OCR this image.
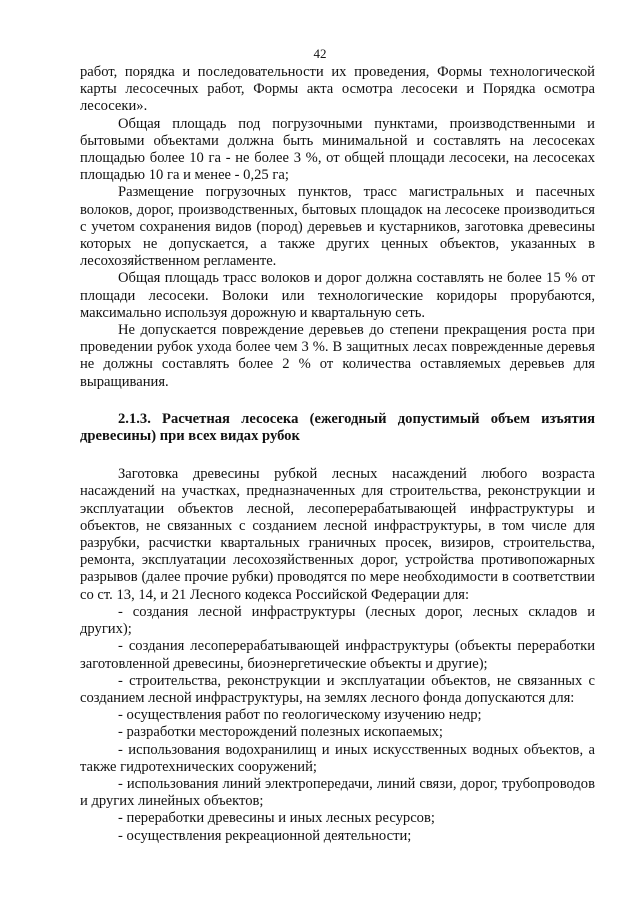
42

работ, порядка и последовательности их проведения, Формы технологической карты лесосечных работ, Формы акта осмотра лесосеки и Порядка осмотра лесосеки».

Общая площадь под погрузочными пунктами, производственными и бытовыми объектами должна быть минимальной и составлять на лесосеках площадью более 10 га - не более 3 %, от общей площади лесосеки, на лесосеках площадью 10 га и менее - 0,25 га;

Размещение погрузочных пунктов, трасс магистральных и пасечных волоков, дорог, производственных, бытовых площадок на лесосеке производиться с учетом сохранения видов (пород) деревьев и кустарников, заготовка древесины которых не допускается, а также других ценных объектов, указанных в лесохозяйственном регламенте.

Общая площадь трасс волоков и дорог должна составлять не более 15 % от площади лесосеки. Волоки или технологические коридоры прорубаются, максимально используя дорожную и квартальную сеть.

Не допускается повреждение деревьев до степени прекращения роста при проведении рубок ухода более чем 3 %. В защитных лесах поврежденные деревья не должны составлять более 2 % от количества оставляемых деревьев для выращивания.

2.1.3. Расчетная лесосека (ежегодный допустимый объем изъятия древесины) при всех видах рубок

Заготовка древесины рубкой лесных насаждений любого возраста насаждений на участках, предназначенных для строительства, реконструкции и эксплуатации объектов лесной, лесоперерабатывающей инфраструктуры и объектов, не связанных с созданием лесной инфраструктуры, в том числе для разрубки, расчистки квартальных граничных просек, визиров, строительства, ремонта, эксплуатации лесохозяйственных дорог, устройства противопожарных разрывов (далее прочие рубки) проводятся по мере необходимости в соответствии со ст. 13, 14, и 21 Лесного кодекса Российской Федерации для:

- создания лесной инфраструктуры (лесных дорог, лесных складов и других);

- создания лесоперерабатывающей инфраструктуры (объекты переработки заготовленной древесины, биоэнергетические объекты и другие);

- строительства, реконструкции и эксплуатации объектов, не связанных с созданием лесной инфраструктуры, на землях лесного фонда допускаются для:

- осуществления работ по геологическому изучению недр;

- разработки месторождений полезных ископаемых;

- использования водохранилищ и иных искусственных водных объектов, а также гидротехнических сооружений;

- использования линий электропередачи, линий связи, дорог, трубопроводов и других линейных объектов;

- переработки древесины и иных лесных ресурсов;

- осуществления рекреационной деятельности;
